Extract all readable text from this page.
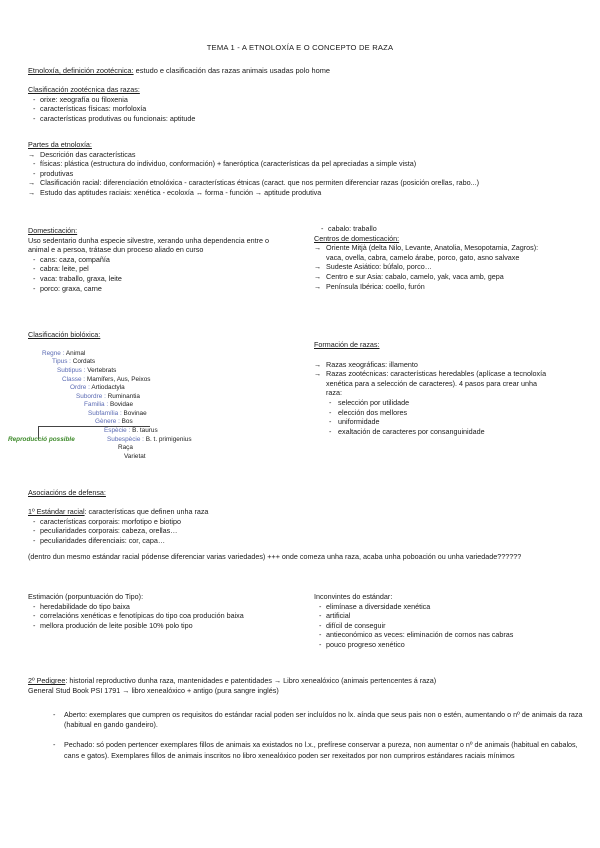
TEMA 1 - A ETNOLOXÍA E O CONCEPTO DE RAZA
Etnoloxía, definición zootécnica: estudo e clasificación das razas animais usadas polo home
Clasificación zootécnica das razas:
- orixe: xeografía ou filoxenia
- características físicas: morfoloxía
- características produtivas ou funcionais: aptitude
Partes da etnoloxía:
→ Descrición das características
- físicas: plástica (estructura do individuo, conformación) + faneróptica (características da pel apreciadas a simple vista)
- produtivas
→ Clasificación racial: diferenciación etnolóxica - características étnicas (caract. que nos permiten diferenciar razas (posición orellas, rabo...)
→ Estudo das aptitudes raciais: xenética - ecoloxía ↔ forma - función → aptitude produtiva
Domesticación:
Uso sedentario dunha especie silvestre, xerando unha dependencia entre o animal e a persoa, trátase dun proceso aliado en curso
- cans: caza, compañía
- cabra: leite, pel
- vaca: traballo, graxa, leite
- porco: graxa, carne
- cabalo: traballo
Centros de domesticación:
→ Oriente Mitjà (delta Nilo, Levante, Anatolia, Mesopotamia, Zagros): vaca, ovella, cabra, camelo árabe, porco, gato, asno salvaxe
→ Sudeste Asiático: búfalo, porco…
→ Centro e sur Asia: cabalo, camelo, yak, vaca amb, gepa
→ Península Ibérica: coello, furón
Clasificación biolóxica:
Regne : Animal
Tipus : Cordats
Subtipus : Vertebrats
Classe : Mamífers, Aus, Peixos
Ordre : Artiodactyla
Subordre : Ruminantia
Familia : Bovidae
Subfamília : Bovinae
Gènere : Bos
Espècie : B. taurus
Reproducció possible	Subespècie : B. t. primigenius
Raça
Varietat
Formación de razas:
→ Razas xeográficas: illamento
→ Razas zootécnicas: características heredables (aplícase a tecnoloxía xenética para a selección de caracteres). 4 pasos para crear unha raza:
- selección por utilidade
- elección dos mellores
- uniformidade
- exaltación de caracteres por consanguinidade
Asociacións de defensa:
1º Estándar racial: características que definen unha raza
- características corporais: morfotipo e biotipo
- peculiaridades corporais: cabeza, orellas…
- peculiaridades diferenciais: cor, capa…
(dentro dun mesmo estándar racial pódense diferenciar varias variedades) +++ onde comeza unha raza, acaba unha poboación ou unha variedade??????
Estimación (porpuntuación do Tipo):
- heredabilidade do tipo baixa
- correlacións xenéticas e fenotípicas do tipo coa produción baixa
- mellora produción de leite posible 10% polo tipo
Inconvintes do estándar:
- elimínase a diversidade xenética
- artificial
- difícil de conseguir
- antieconómico as veces: eliminación de cornos nas cabras
- pouco progreso xenético
2º Pedigree: historial reproductivo dunha raza, mantenidades e patentidades → Libro xenealóxico (animais pertencentes á raza)
General Stud Book PSI 1791 → libro xenealóxico + antigo (pura sangre inglés)
- Aberto: exemplares que cumpren os requisitos do estándar racial poden ser incluídos no lx. aínda que seus pais non o estén, aumentando o nº de animais da raza (habitual en gando gandeiro).
- Pechado: só poden pertencer exemplares fillos de animais xa existados no l.x., prefírese conservar a pureza, non aumentar o nº de animais (habitual en cabalos, cans e gatos). Exemplares fillos de animais inscritos no libro xenealóxico poden ser rexeitados por non cumpriros estándares raciais mínimos
